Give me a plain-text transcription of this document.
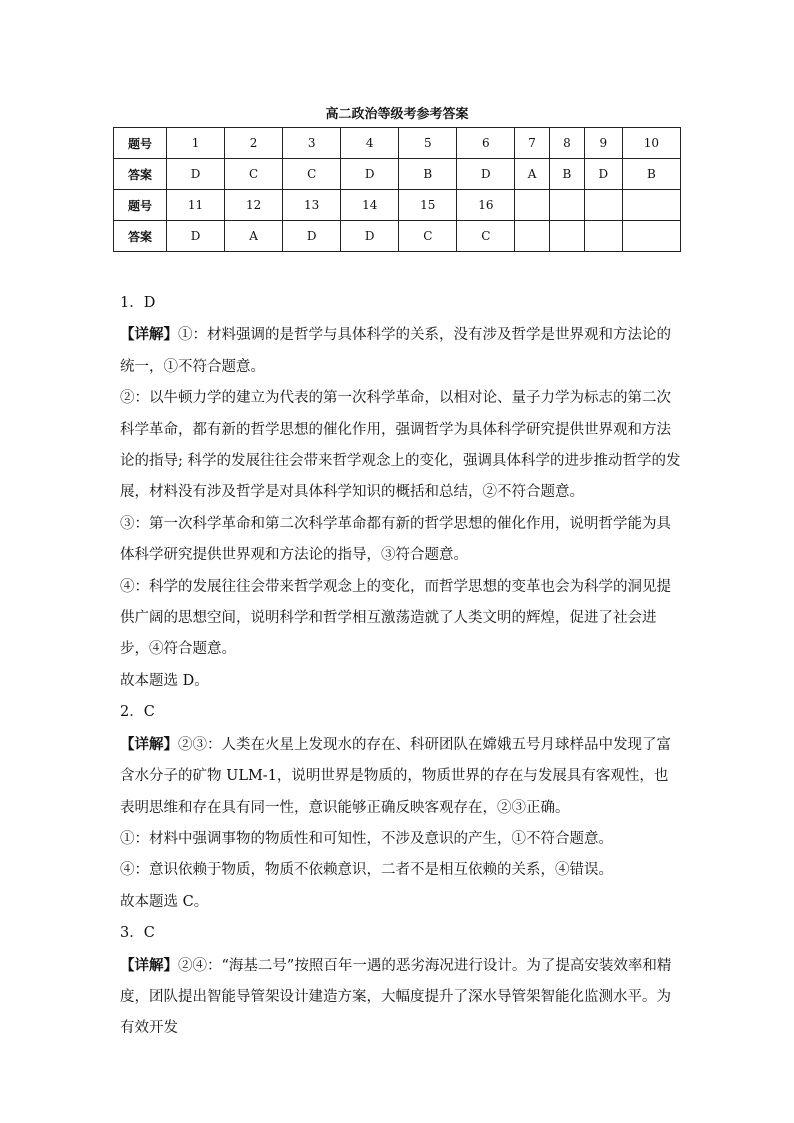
高二政治等级考参考答案
题号	1	2	3	4	5	6	7	8	9	10
答案	D	C	C	D	B	D	A	B	D	B
题号	11	12	13	14	15	16				
答案	D	A	D	D	C	C				

1．D

【详解】①：材料强调的是哲学与具体科学的关系，没有涉及哲学是世界观和方法论的统一，①不符合题意。

②：以牛顿力学的建立为代表的第一次科学革命，以相对论、量子力学为标志的第二次科学革命，都有新的哲学思想的催化作用，强调哲学为具体科学研究提供世界观和方法论的指导; 科学的发展往往会带来哲学观念上的变化，强调具体科学的进步推动哲学的发展，材料没有涉及哲学是对具体科学知识的概括和总结，②不符合题意。

③：第一次科学革命和第二次科学革命都有新的哲学思想的催化作用，说明哲学能为具体科学研究提供世界观和方法论的指导，③符合题意。

④：科学的发展往往会带来哲学观念上的变化，而哲学思想的变革也会为科学的洞见提供广阔的思想空间，说明科学和哲学相互激荡造就了人类文明的辉煌，促进了社会进步，④符合题意。

故本题选 D。

2．C

【详解】②③：人类在火星上发现水的存在、科研团队在嫦娥五号月球样品中发现了富含水分子的矿物 ULM-1，说明世界是物质的，物质世界的存在与发展具有客观性，也表明思维和存在具有同一性，意识能够正确反映客观存在，②③正确。

①：材料中强调事物的物质性和可知性，不涉及意识的产生，①不符合题意。

④：意识依赖于物质，物质不依赖意识，二者不是相互依赖的关系，④错误。

故本题选 C。

3．C

【详解】②④：“海基二号”按照百年一遇的恶劣海况进行设计。为了提高安装效率和精度，团队提出智能导管架设计建造方案，大幅度提升了深水导管架智能化监测水平。为有效开发
